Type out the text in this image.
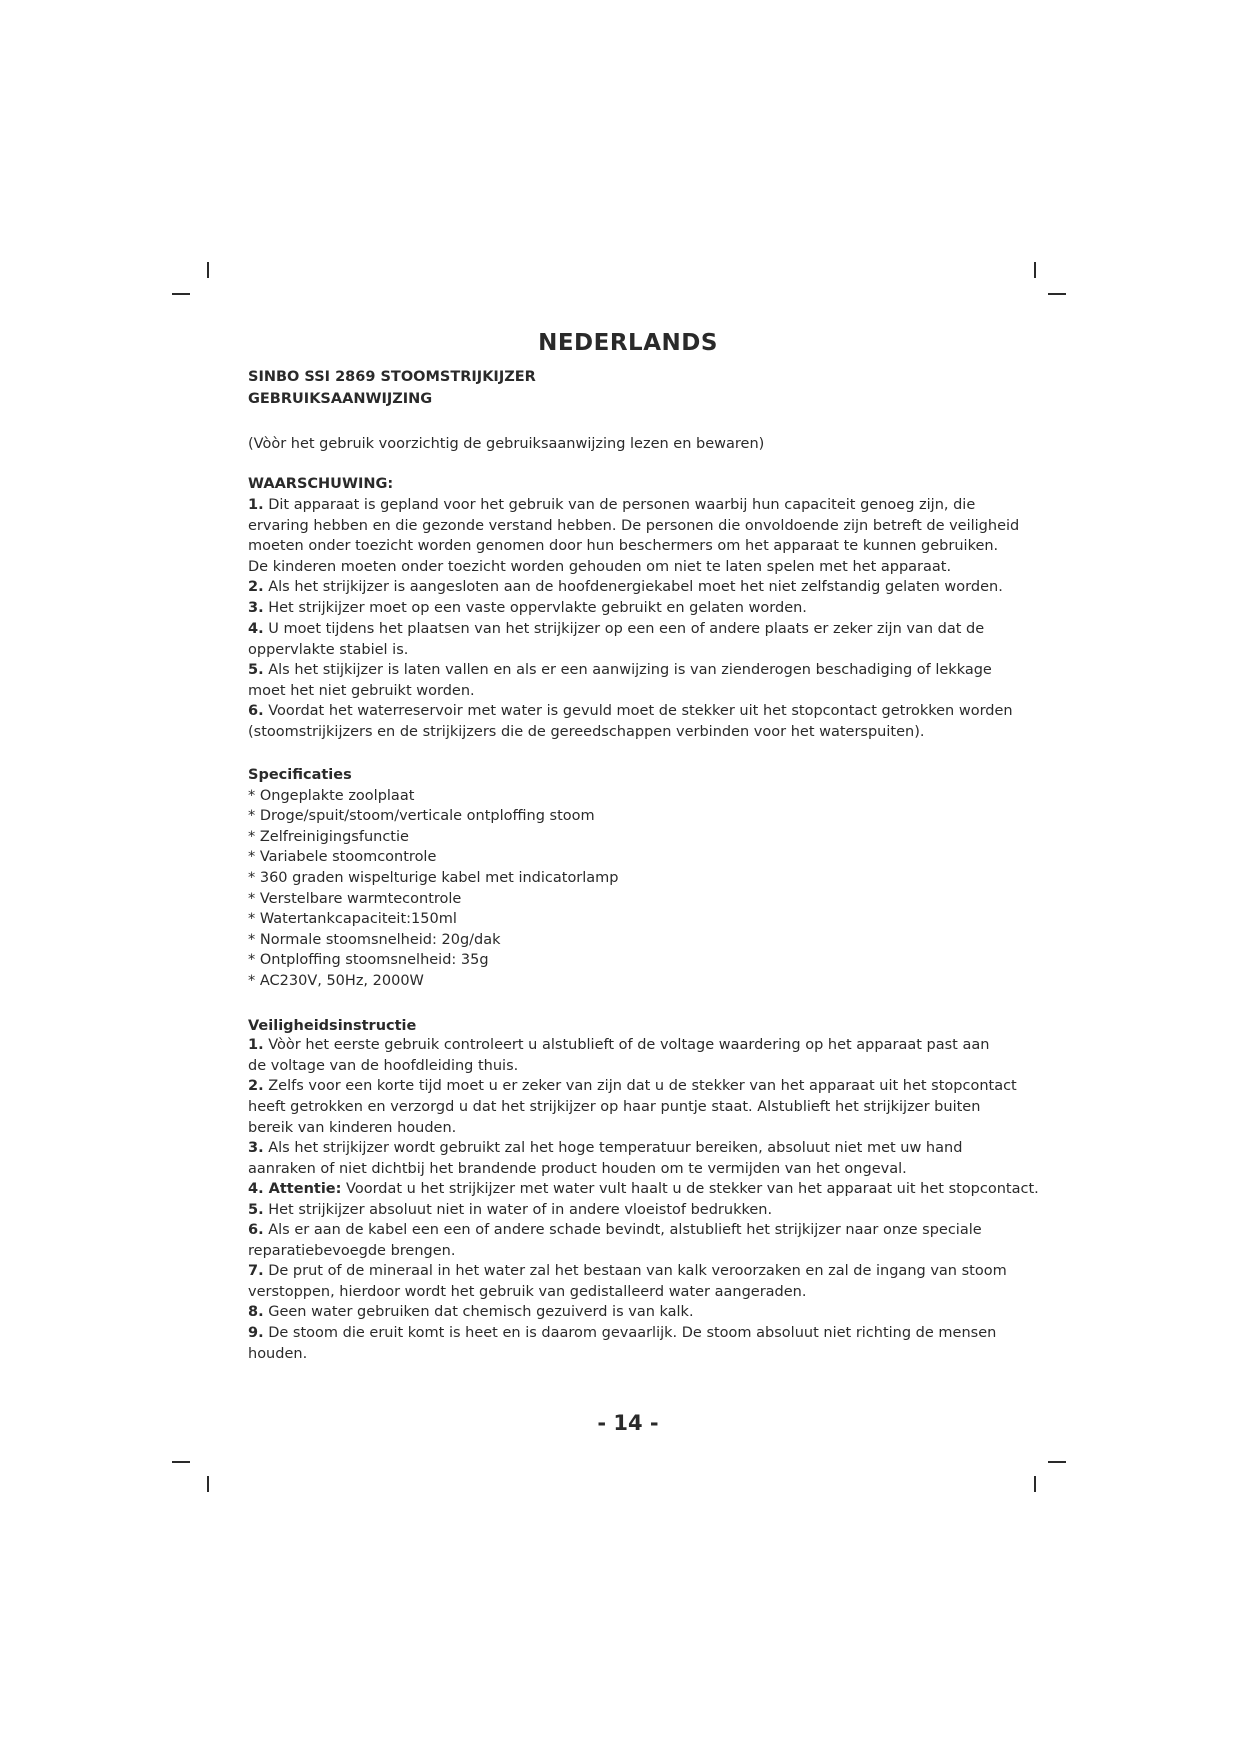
NEDERLANDS
SINBO SSI 2869 STOOMSTRIJKIJZER
GEBRUIKSAANWIJZING
(Vòòr het gebruik voorzichtig de gebruiksaanwijzing lezen en bewaren)
WAARSCHUWING:
1. Dit apparaat is gepland voor het gebruik van de personen waarbij hun capaciteit genoeg zijn, die
ervaring hebben en die gezonde verstand hebben. De personen die onvoldoende zijn betreft de veiligheid
moeten onder toezicht worden genomen door hun beschermers om het apparaat te kunnen gebruiken.
De kinderen moeten onder toezicht worden gehouden om niet te laten spelen met het apparaat.
2. Als het strijkijzer is aangesloten aan de hoofdenergiekabel moet het niet zelfstandig gelaten worden.
3. Het strijkijzer moet op een vaste oppervlakte gebruikt en gelaten worden.
4. U moet tijdens het plaatsen van het strijkijzer op een een of andere plaats er zeker zijn van dat de
oppervlakte stabiel is.
5. Als het stijkijzer is laten vallen en als er een aanwijzing is van zienderogen beschadiging of lekkage
moet het niet gebruikt worden.
6. Voordat het waterreservoir met water is gevuld moet de stekker uit het stopcontact getrokken worden
(stoomstrijkijzers en de strijkijzers die de gereedschappen verbinden voor het waterspuiten).
Specificaties
* Ongeplakte zoolplaat
* Droge/spuit/stoom/verticale ontploffing stoom
* Zelfreinigingsfunctie
* Variabele stoomcontrole
* 360 graden wispelturige kabel met indicatorlamp
* Verstelbare warmtecontrole
* Watertankcapaciteit:150ml
* Normale stoomsnelheid: 20g/dak
* Ontploffing stoomsnelheid: 35g
* AC230V, 50Hz, 2000W
Veiligheidsinstructie
1. Vòòr het eerste gebruik controleert u alstublieft of de voltage waardering op het apparaat past aan
de voltage van de hoofdleiding thuis.
2. Zelfs voor een korte tijd moet u er zeker van zijn dat u de stekker van het apparaat uit het stopcontact
heeft getrokken en verzorgd u dat het strijkijzer op haar puntje staat. Alstublieft het strijkijzer buiten
bereik van kinderen houden.
3. Als het strijkijzer wordt gebruikt zal het hoge temperatuur bereiken, absoluut niet met uw hand
aanraken of niet dichtbij het brandende product houden om te vermijden van het ongeval.
4. Attentie: Voordat u het strijkijzer met water vult haalt u de stekker van het apparaat uit het stopcontact.
5. Het strijkijzer absoluut niet in water of in andere vloeistof bedrukken.
6. Als er aan de kabel een een of andere schade bevindt, alstublieft het strijkijzer naar onze speciale
reparatiebevoegde brengen.
7. De prut of de mineraal in het water zal het bestaan van kalk veroorzaken en zal de ingang van stoom
verstoppen, hierdoor wordt het gebruik van gedistalleerd water aangeraden.
8. Geen water gebruiken dat chemisch gezuiverd is van kalk.
9. De stoom die eruit komt is heet en is daarom gevaarlijk. De stoom absoluut niet richting de mensen
houden.
- 14 -
